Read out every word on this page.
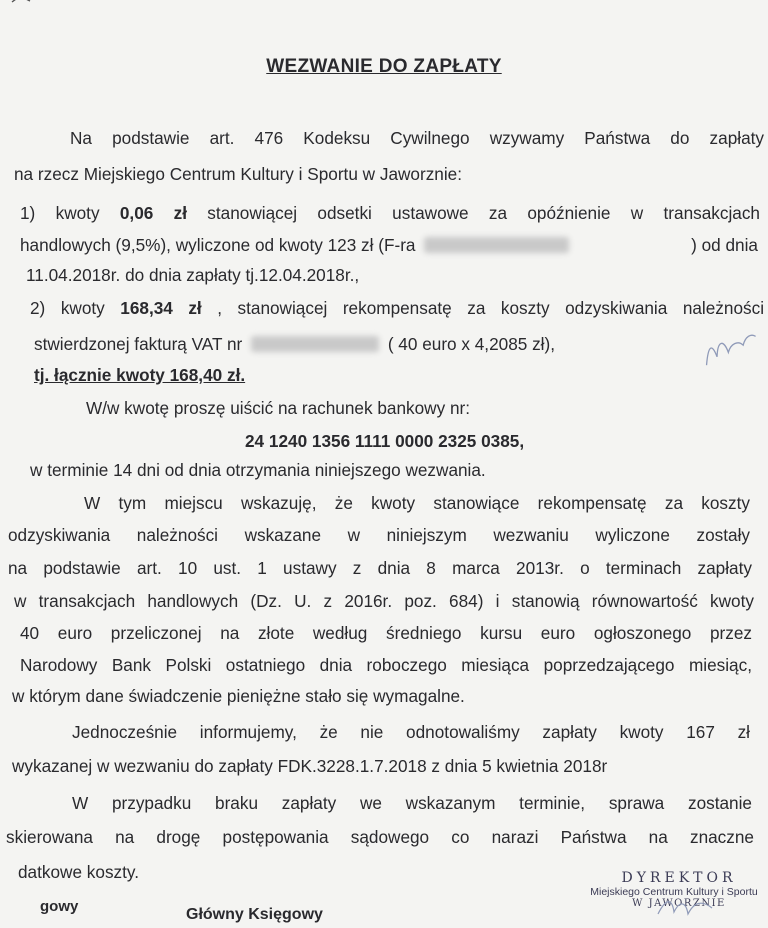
WEZWANIE DO ZAPŁATY
Na podstawie art. 476 Kodeksu Cywilnego wzywamy Państwa do zapłaty
na rzecz Miejskiego Centrum Kultury i Sportu w Jaworznie:
1) kwoty 0,06 zł stanowiącej odsetki ustawowe za opóźnienie w transakcjach
handlowych (9,5%), wyliczone od kwoty 123 zł (F-ra	) od dnia
11.04.2018r. do dnia zapłaty tj.12.04.2018r.,
2) kwoty 168,34 zł , stanowiącej rekompensatę za koszty odzyskiwania należności
stwierdzonej fakturą VAT nr	( 40 euro x 4,2085 zł),
tj. łącznie kwoty 168,40 zł.
W/w kwotę proszę uiścić na rachunek bankowy nr:
24 1240 1356 1111 0000 2325 0385,
w terminie 14 dni od dnia otrzymania niniejszego wezwania.
W tym miejscu wskazuję, że kwoty stanowiące rekompensatę za koszty
odzyskiwania należności wskazane w niniejszym wezwaniu wyliczone zostały
na podstawie art. 10 ust. 1 ustawy z dnia 8 marca 2013r. o terminach zapłaty
w transakcjach handlowych (Dz. U. z 2016r. poz. 684) i stanowią równowartość kwoty
40 euro przeliczonej na złote według średniego kursu euro ogłoszonego przez
Narodowy Bank Polski ostatniego dnia roboczego miesiąca poprzedzającego miesiąc,
w którym dane świadczenie pieniężne stało się wymagalne.
Jednocześnie informujemy, że nie odnotowaliśmy zapłaty kwoty 167 zł
wykazanej w wezwaniu do zapłaty FDK.3228.1.7.2018 z dnia 5 kwietnia 2018r
W przypadku braku zapłaty we wskazanym terminie, sprawa zostanie
skierowana na drogę postępowania sądowego co narazi Państwa na znaczne
datkowe koszty.
gowy	Główny Księgowy
DYREKTOR
Miejskiego Centrum Kultury i Sportu
W JAWORZNIE
